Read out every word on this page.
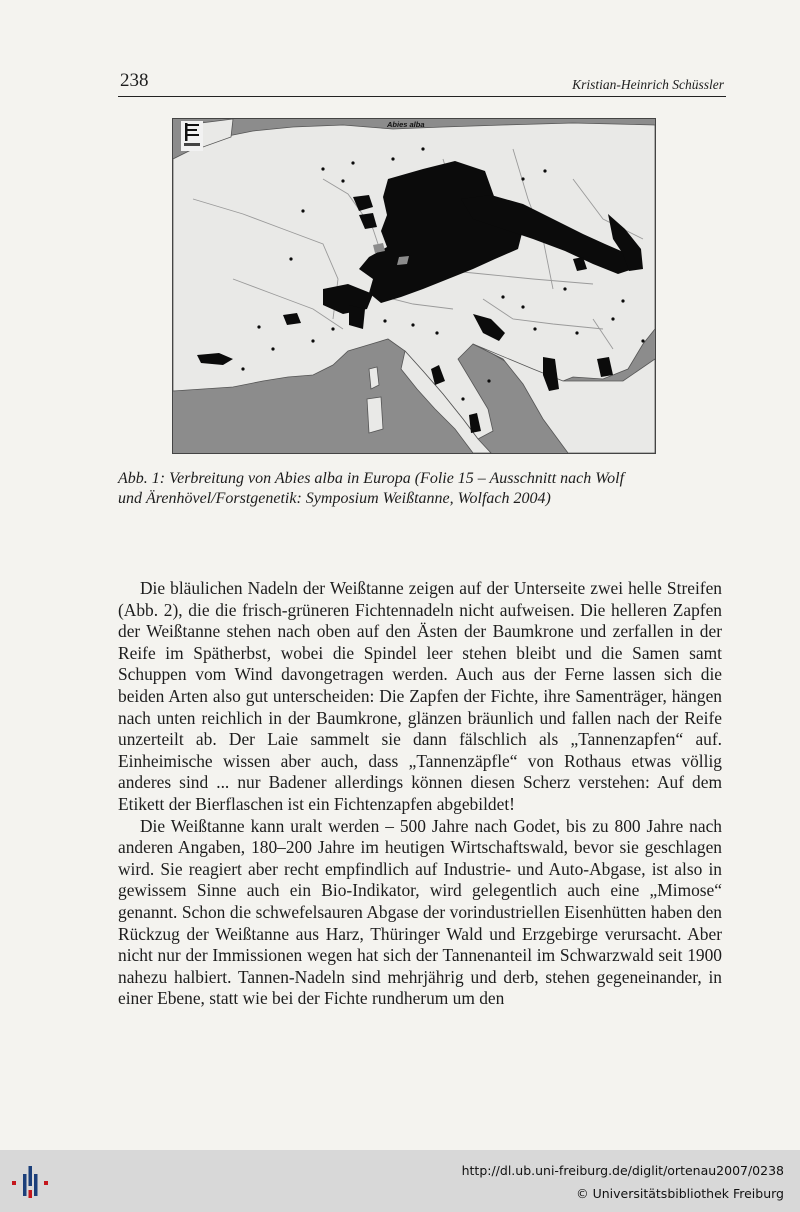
238	Kristian-Heinrich Schüssler
Abies alba
Abb. 1: Verbreitung von Abies alba in Europa (Folie 15 – Ausschnitt nach Wolf
und Ärenhövel/Forstgenetik: Symposium Weißtanne, Wolfach 2004)

Die bläulichen Nadeln der Weißtanne zeigen auf der Unterseite zwei helle Streifen (Abb. 2), die die frisch-grüneren Fichtennadeln nicht aufweisen. Die helleren Zapfen der Weißtanne stehen nach oben auf den Ästen der Baumkrone und zerfallen in der Reife im Spätherbst, wobei die Spindel leer stehen bleibt und die Samen samt Schuppen vom Wind davongetragen werden. Auch aus der Ferne lassen sich die beiden Arten also gut unterscheiden: Die Zapfen der Fichte, ihre Samenträger, hängen nach unten reichlich in der Baumkrone, glänzen bräunlich und fallen nach der Reife unzerteilt ab. Der Laie sammelt sie dann fälschlich als „Tannenzapfen“ auf. Einheimische wissen aber auch, dass „Tannenzäpfle“ von Rothaus etwas völlig anderes sind ... nur Badener allerdings können diesen Scherz verstehen: Auf dem Etikett der Bierflaschen ist ein Fichtenzapfen abgebildet!

Die Weißtanne kann uralt werden – 500 Jahre nach Godet, bis zu 800 Jahre nach anderen Angaben, 180–200 Jahre im heutigen Wirtschaftswald, bevor sie geschlagen wird. Sie reagiert aber recht empfindlich auf Industrie- und Auto-Abgase, ist also in gewissem Sinne auch ein Bio-Indikator, wird gelegentlich auch eine „Mimose“ genannt. Schon die schwefelsauren Abgase der vorindustriellen Eisenhütten haben den Rückzug der Weißtanne aus Harz, Thüringer Wald und Erzgebirge verursacht. Aber nicht nur der Immissionen wegen hat sich der Tannenanteil im Schwarzwald seit 1900 nahezu halbiert. Tannen-Nadeln sind mehrjährig und derb, stehen gegeneinander, in einer Ebene, statt wie bei der Fichte rundherum um den

http://dl.ub.uni-freiburg.de/diglit/ortenau2007/0238
© Universitätsbibliothek Freiburg
